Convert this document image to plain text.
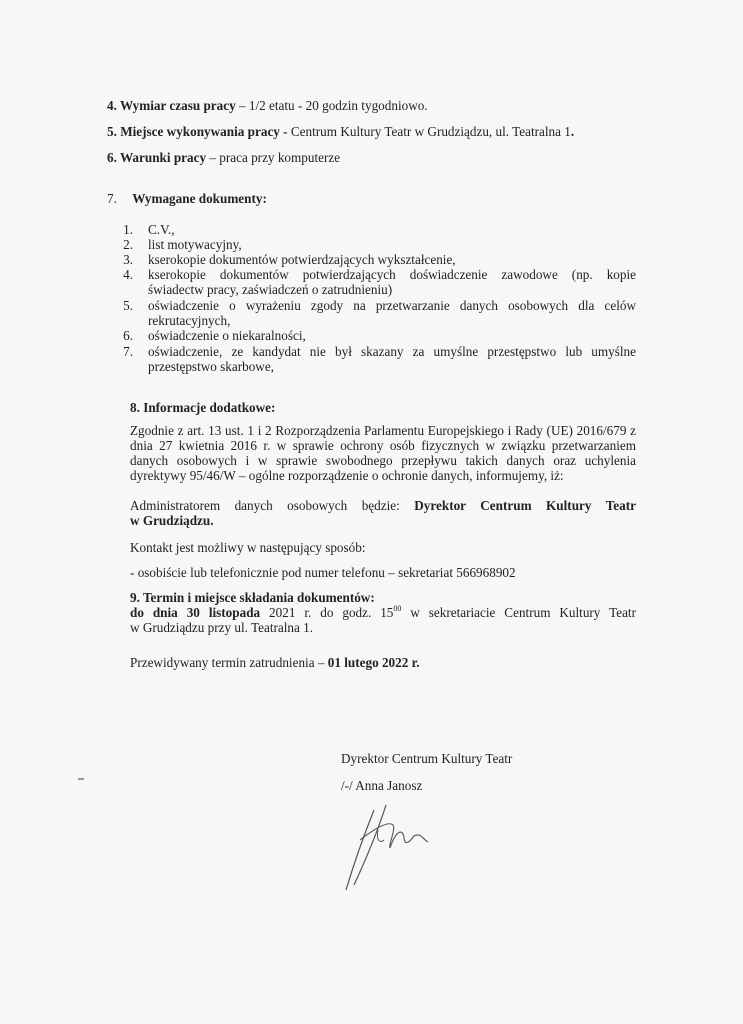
4. Wymiar czasu pracy – 1/2 etatu - 20 godzin tygodniowo.
5. Miejsce wykonywania pracy - Centrum Kultury Teatr w Grudziądzu, ul. Teatralna 1.
6. Warunki pracy – praca przy komputerze
7. Wymagane dokumenty:
1. C.V.,
2. list motywacyjny,
3. kserokopie dokumentów potwierdzających wykształcenie,
4. kserokopie dokumentów potwierdzających doświadczenie zawodowe (np. kopie
świadectw pracy, zaświadczeń o zatrudnieniu)
5. oświadczenie o wyrażeniu zgody na przetwarzanie danych osobowych dla celów
rekrutacyjnych,
6. oświadczenie o niekaralności,
7. oświadczenie, ze kandydat nie był skazany za umyślne przestępstwo lub umyślne
przestępstwo skarbowe,
8. Informacje dodatkowe:
Zgodnie z art. 13 ust. 1 i 2 Rozporządzenia Parlamentu Europejskiego i Rady (UE) 2016/679 z
dnia 27 kwietnia 2016 r. w sprawie ochrony osób fizycznych w związku przetwarzaniem
danych osobowych i w sprawie swobodnego przepływu takich danych oraz uchylenia
dyrektywy 95/46/W – ogólne rozporządzenie o ochronie danych, informujemy, iż:
Administratorem danych osobowych będzie: Dyrektor Centrum Kultury Teatr
w Grudziądzu.
Kontakt jest możliwy w następujący sposób:
- osobiście lub telefonicznie pod numer telefonu – sekretariat 566968902
9. Termin i miejsce składania dokumentów:
do dnia 30 listopada 2021 r. do godz. $15^{00}$ w sekretariacie Centrum Kultury Teatr
w Grudziądzu przy ul. Teatralna 1.
Przewidywany termin zatrudnienia – 01 lutego 2022 r.
Dyrektor Centrum Kultury Teatr
/-/ Anna Janosz
